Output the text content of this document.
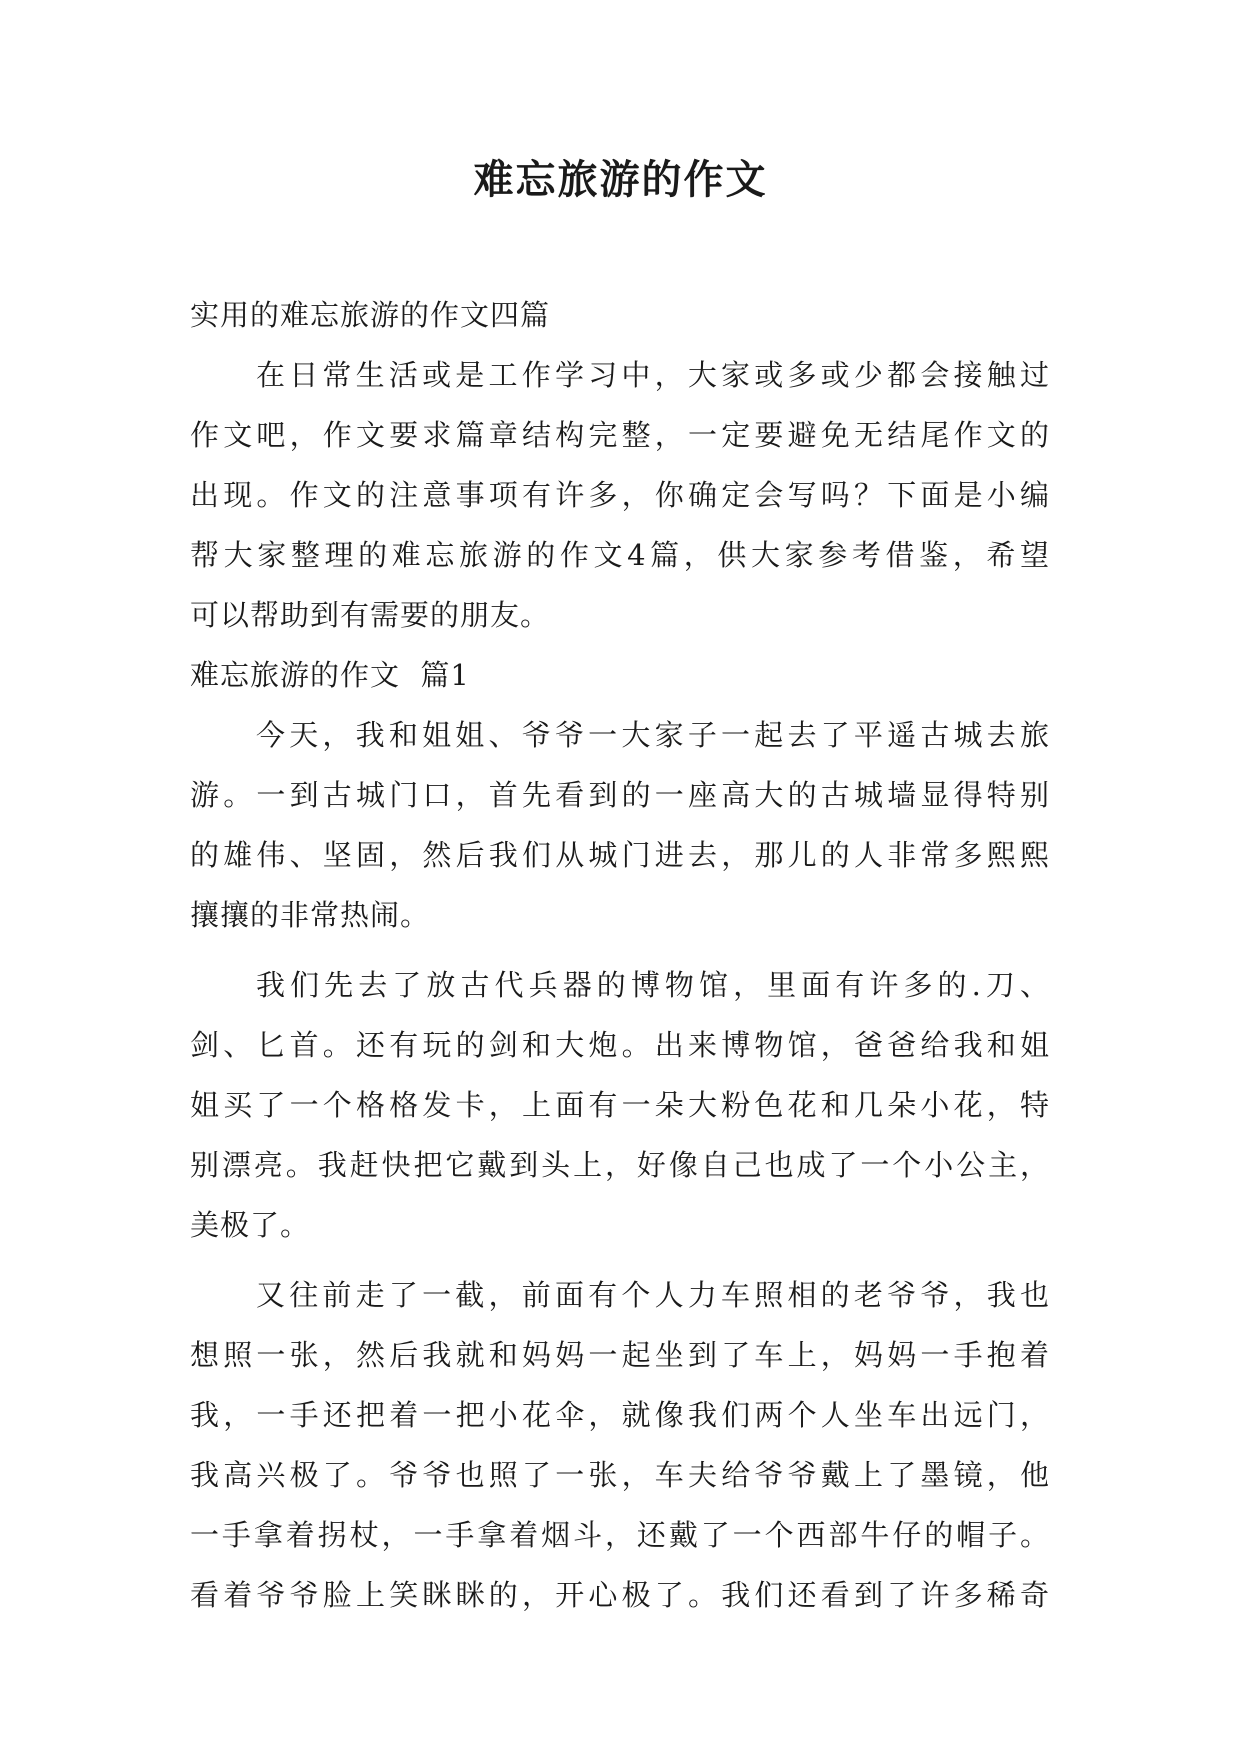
难忘旅游的作文
实用的难忘旅游的作文四篇
在日常生活或是工作学习中，大家或多或少都会接触过
作文吧，作文要求篇章结构完整，一定要避免无结尾作文的
出现。作文的注意事项有许多，你确定会写吗？下面是小编
帮大家整理的难忘旅游的作文4篇，供大家参考借鉴，希望
可以帮助到有需要的朋友。
难忘旅游的作文  篇1
今天，我和姐姐、爷爷一大家子一起去了平遥古城去旅
游。一到古城门口，首先看到的一座高大的古城墙显得特别
的雄伟、坚固，然后我们从城门进去，那儿的人非常多熙熙
攘攘的非常热闹。
我们先去了放古代兵器的博物馆，里面有许多的.刀、
剑、匕首。还有玩的剑和大炮。出来博物馆，爸爸给我和姐
姐买了一个格格发卡，上面有一朵大粉色花和几朵小花，特
别漂亮。我赶快把它戴到头上，好像自己也成了一个小公主，
美极了。
又往前走了一截，前面有个人力车照相的老爷爷，我也
想照一张，然后我就和妈妈一起坐到了车上，妈妈一手抱着
我，一手还把着一把小花伞，就像我们两个人坐车出远门，
我高兴极了。爷爷也照了一张，车夫给爷爷戴上了墨镜，他
一手拿着拐杖，一手拿着烟斗，还戴了一个西部牛仔的帽子。
看着爷爷脸上笑眯眯的，开心极了。我们还看到了许多稀奇
